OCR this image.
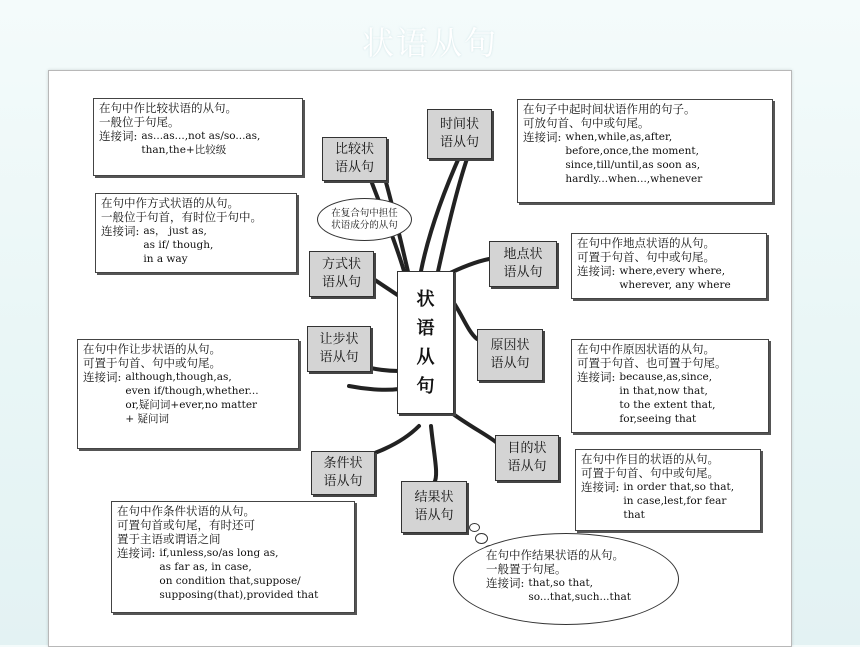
状语从句
状
语
从
句
在复合句中担任
状语成分的从句
比较状
语从句
在句中作比较状语的从句。
一般位于句尾。
连接词: as...as...,not as/so...as,
than,the+比较级
时间状
语从句
在句子中起时间状语作用的句子。
可放句首、句中或句尾。
连接词: when,while,as,after,
before,once,the moment,
since,till/until,as soon as,
hardly...when...,whenever
方式状
语从句
在句中作方式状语的从句。
一般位于句首，有时位于句中。
连接词: as， just as,
as if/ though,
in a way	地点状
语从句
在句中作地点状语的从句。
可置于句首、句中或句尾。
连接词: where,every where,
wherever, any where
让步状
语从句
在句中作让步状语的从句。
可置于句首、句中或句尾。
连接词: although,though,as,
even if/though,whether...
or,疑问词+ever,no matter
+ 疑问词
原因状
语从句
在句中作原因状语的从句。
可置于句首、也可置于句尾。
连接词: because,as,since,
in that,now that,
to the extent that,
for,seeing that
条件状
语从句
在句中作条件状语的从句。
可置句首或句尾，有时还可
置于主语或谓语之间
连接词: if,unless,so/as long as,
as far as, in case,
on condition that,suppose/
supposing(that),provided that
目的状
语从句	在句中作目的状语的从句。
可置于句首、句中或句尾。
连接词: in order that,so that,
in case,lest,for fear
that
结果状
语从句
在句中作结果状语的从句。
一般置于句尾。
连接词: that,so that,
so...that,such...that
